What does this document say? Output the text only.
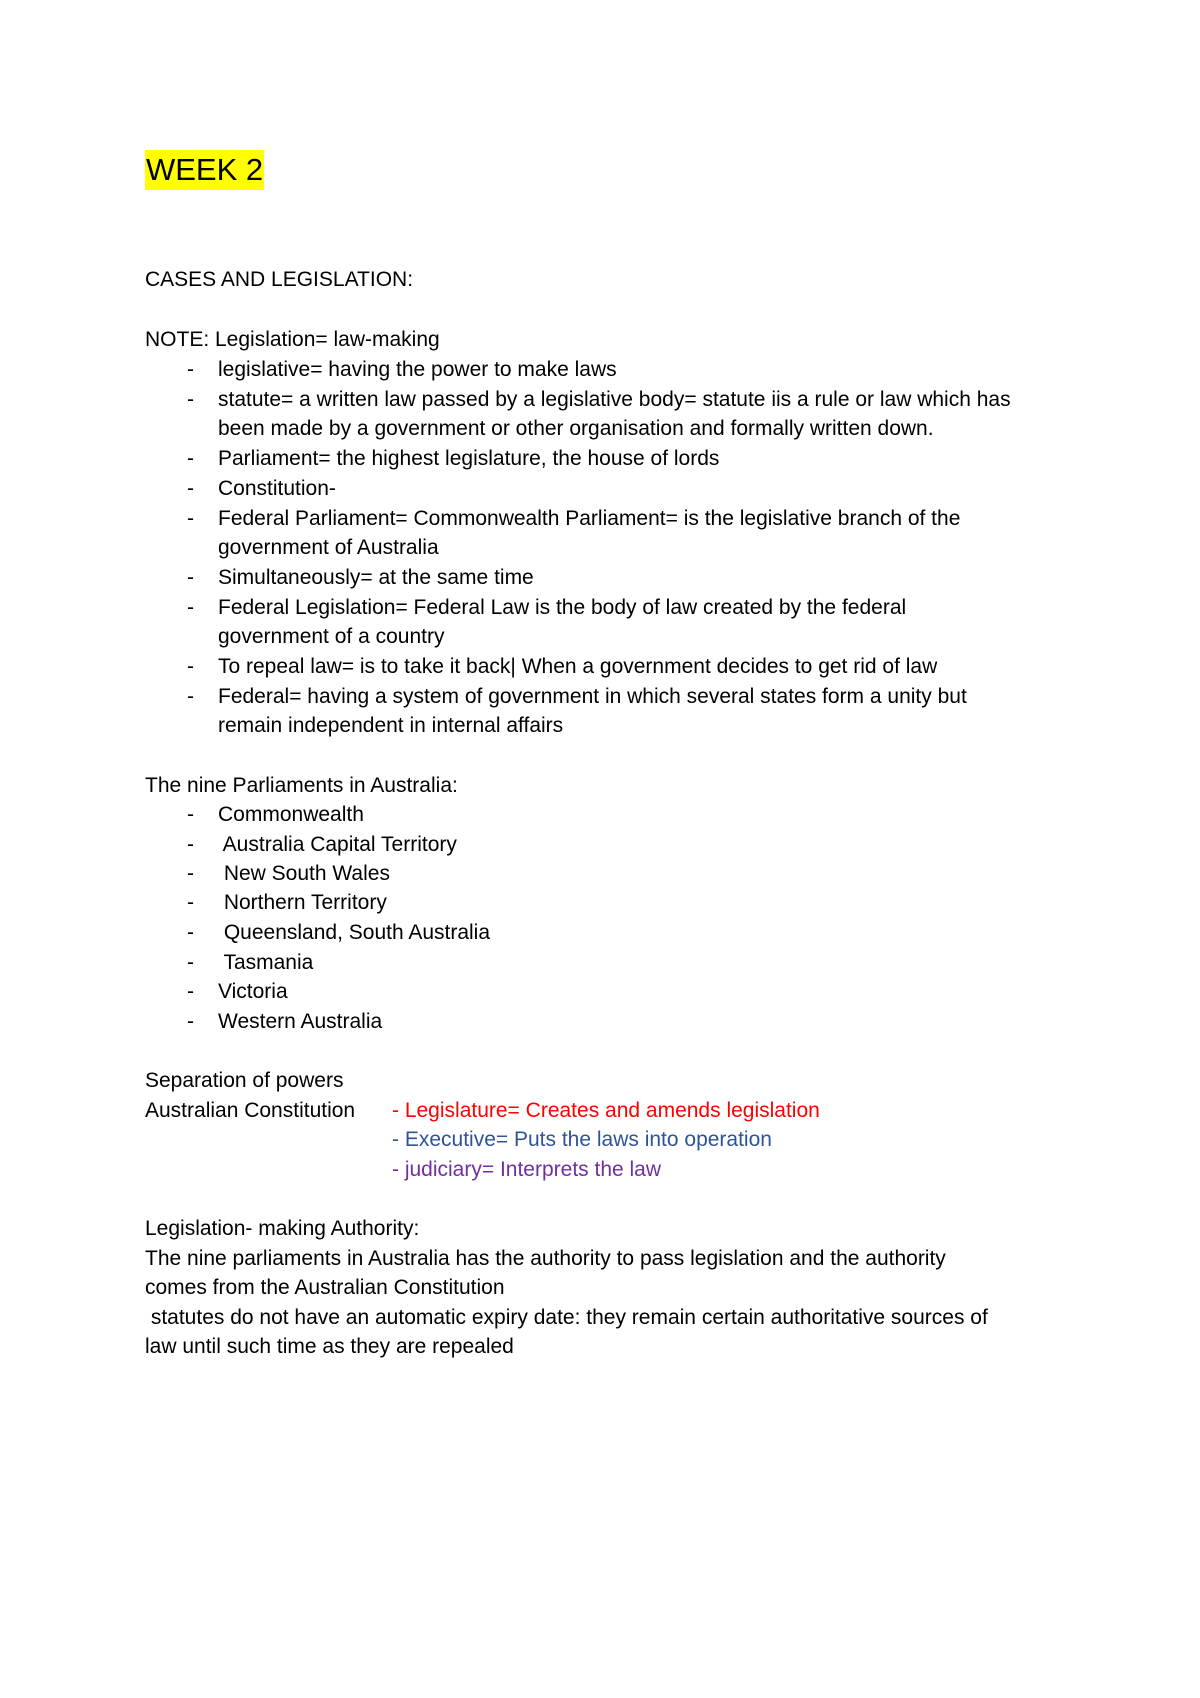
WEEK 2
CASES AND LEGISLATION:
NOTE: Legislation= law-making
- legislative= having the power to make laws
- statute= a written law passed by a legislative body= statute iis a rule or law which has
been made by a government or other organisation and formally written down.
- Parliament= the highest legislature, the house of lords
- Constitution-
- Federal Parliament= Commonwealth Parliament= is the legislative branch of the
government of Australia
- Simultaneously= at the same time
- Federal Legislation= Federal Law is the body of law created by the federal
government of a country
- To repeal law= is to take it back| When a government decides to get rid of law
- Federal= having a system of government in which several states form a unity but
remain independent in internal affairs
The nine Parliaments in Australia:
- Commonwealth
- Australia Capital Territory
- New South Wales
- Northern Territory
- Queensland, South Australia
- Tasmania
- Victoria
- Western Australia
Separation of powers
Australian Constitution - Legislature= Creates and amends legislation
- Executive= Puts the laws into operation
- judiciary= Interprets the law
Legislation- making Authority:
The nine parliaments in Australia has the authority to pass legislation and the authority
comes from the Australian Constitution
statutes do not have an automatic expiry date: they remain certain authoritative sources of
law until such time as they are repealed
